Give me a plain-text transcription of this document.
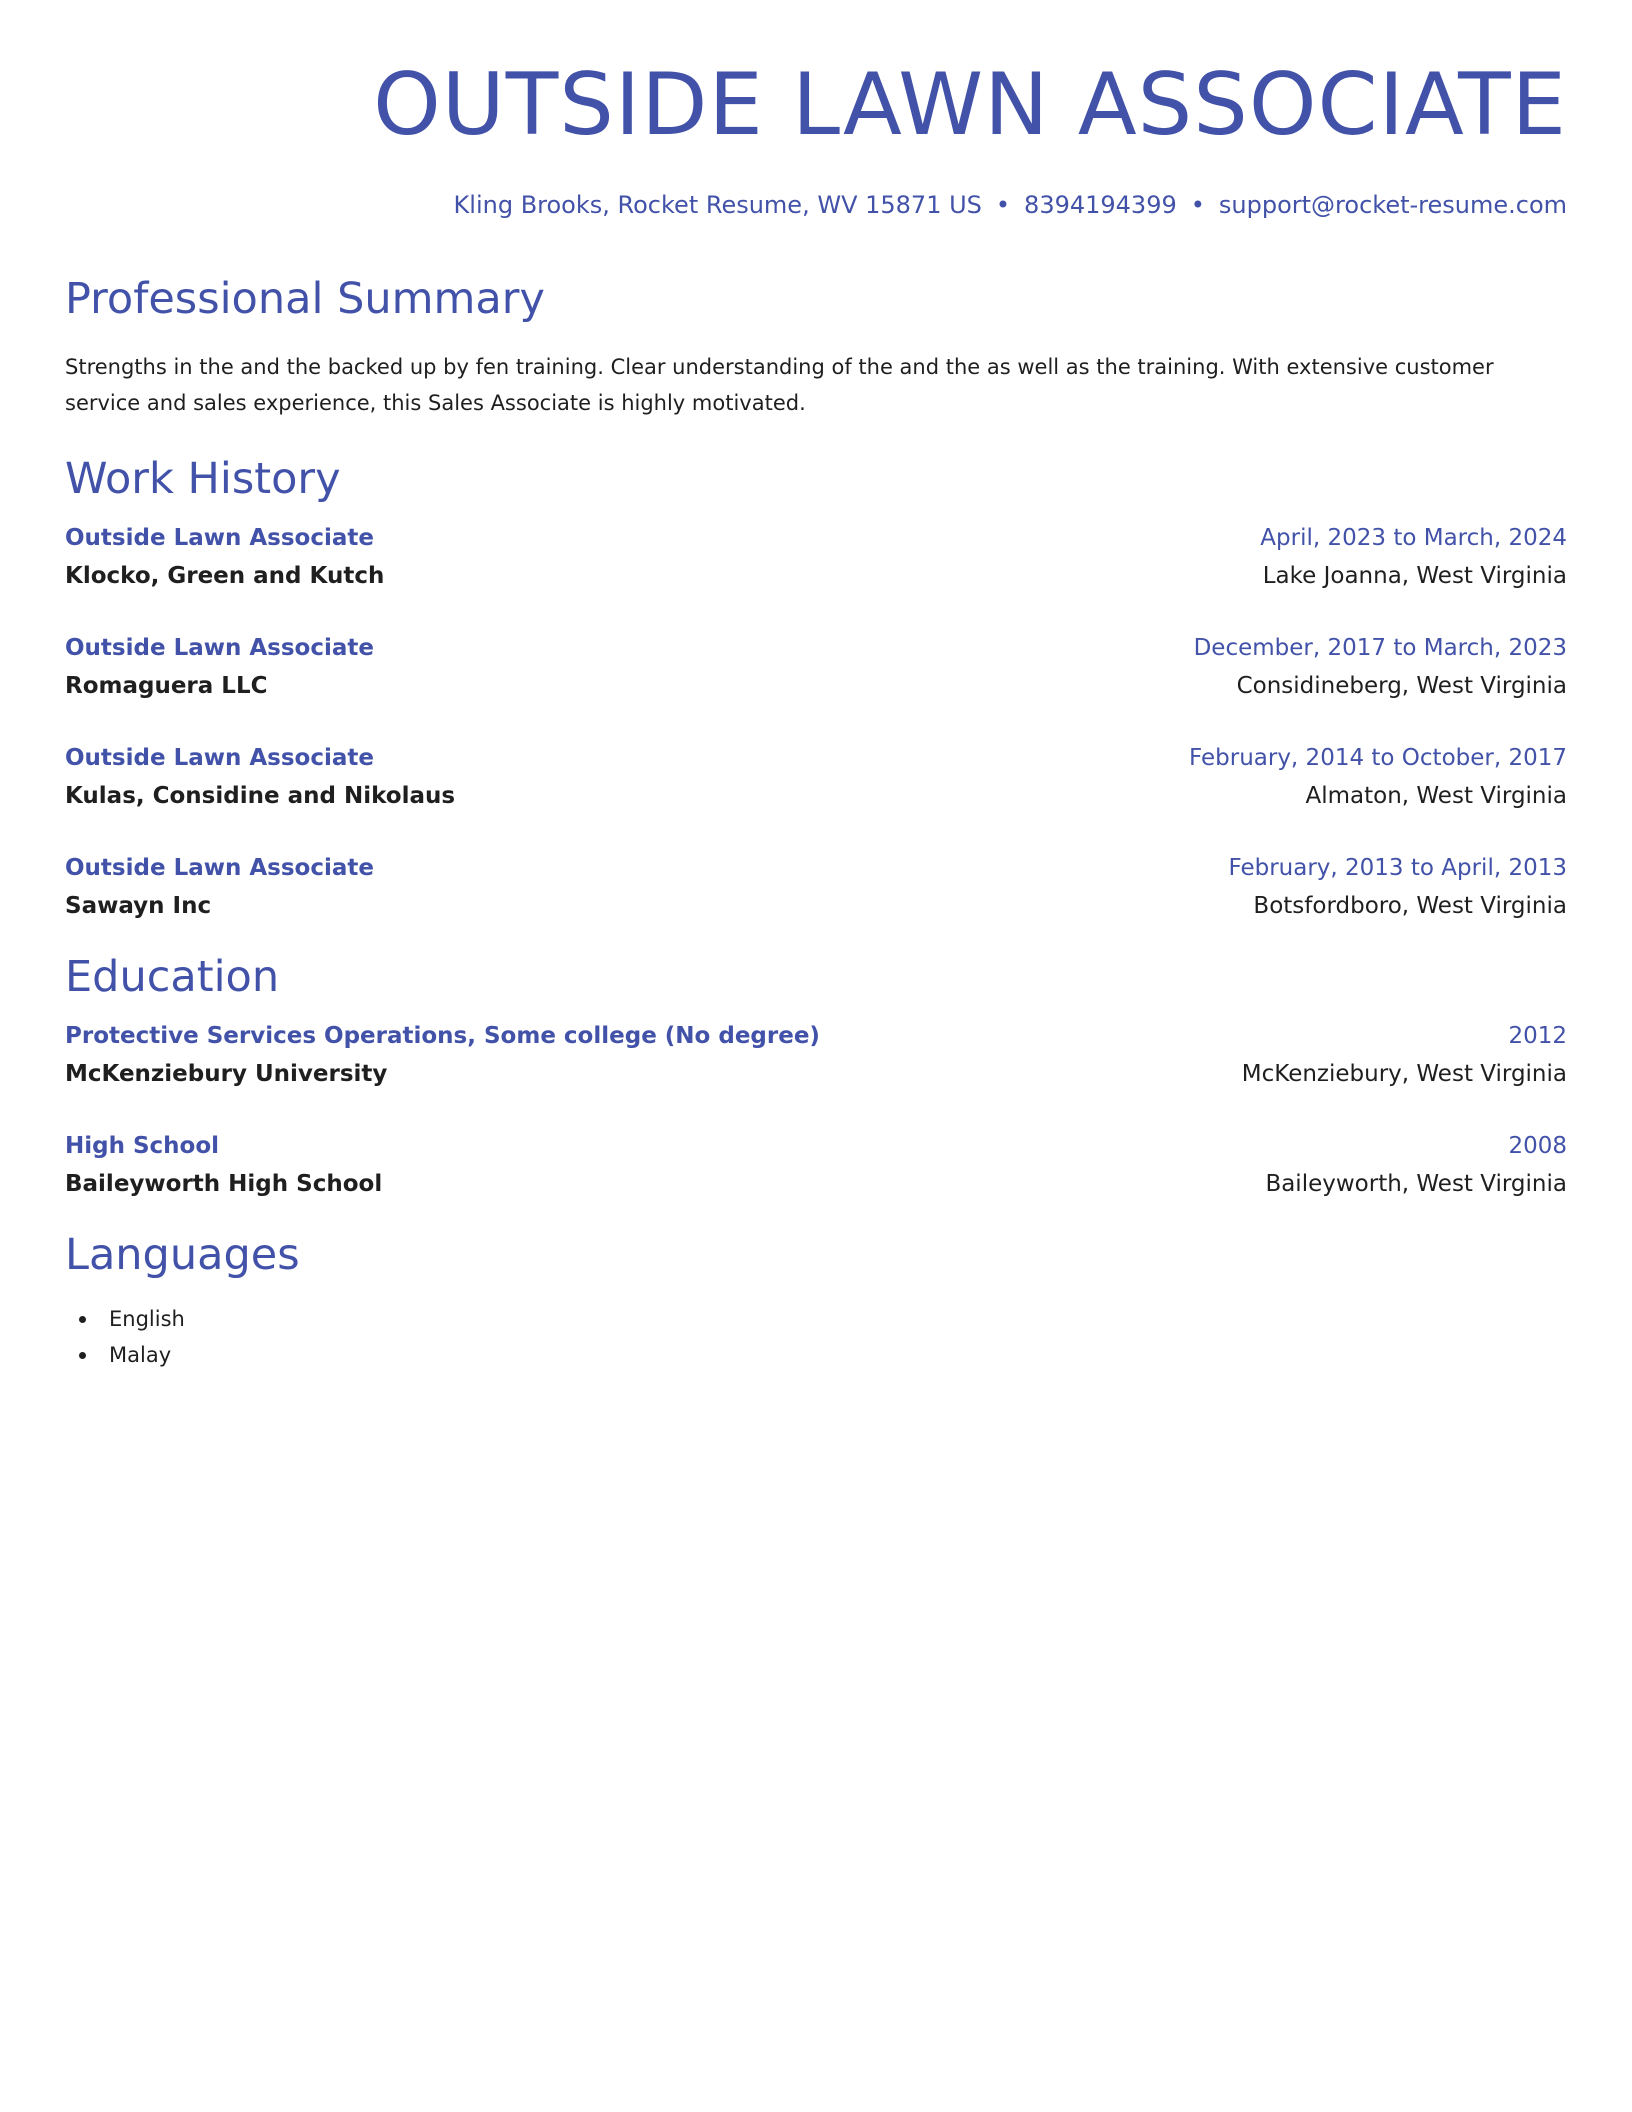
OUTSIDE LAWN ASSOCIATE
Kling Brooks, Rocket Resume, WV 15871 US • 8394194399 • support@rocket-resume.com
Professional Summary

Strengths in the and the backed up by fen training. Clear understanding of the and the as well as the training. With extensive customer service and sales experience, this Sales Associate is highly motivated.

Work History
Outside Lawn Associate	April, 2023 to March, 2024
Klocko, Green and Kutch	Lake Joanna, West Virginia
Outside Lawn Associate	December, 2017 to March, 2023
Romaguera LLC	Considineberg, West Virginia
Outside Lawn Associate	February, 2014 to October, 2017
Kulas, Considine and Nikolaus	Almaton, West Virginia
Outside Lawn Associate	February, 2013 to April, 2013
Sawayn Inc	Botsfordboro, West Virginia
Education
Protective Services Operations, Some college (No degree)	2012
McKenziebury University	McKenziebury, West Virginia
High School	2008
Baileyworth High School	Baileyworth, West Virginia
Languages
English
Malay
